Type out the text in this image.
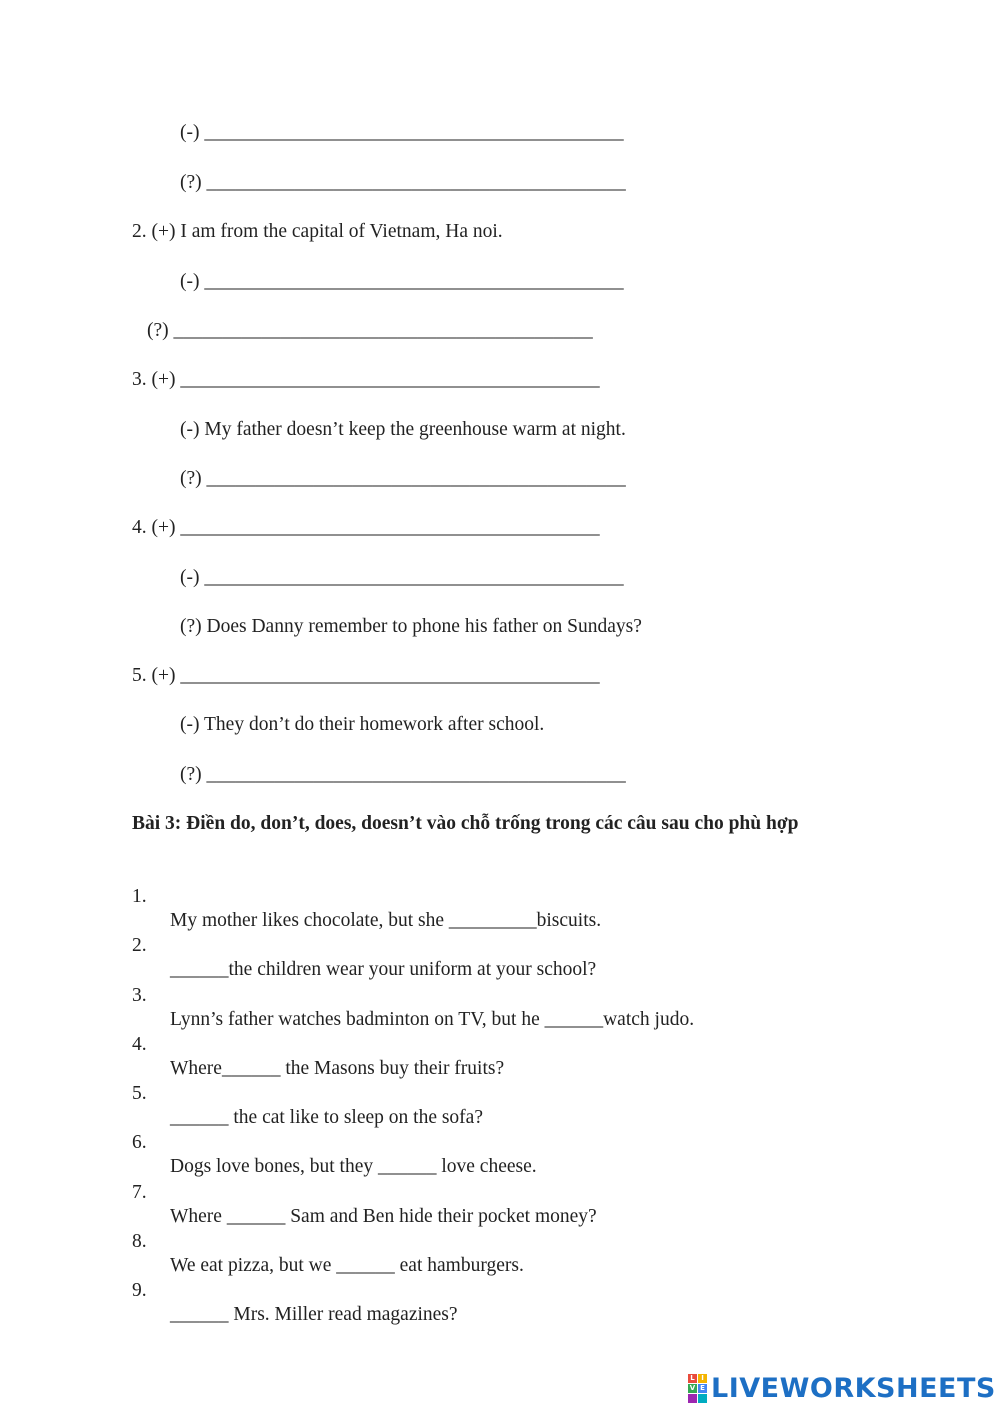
(-) ___________________________________________
(?) ___________________________________________
2. (+) I am from the capital of Vietnam, Ha noi.
(-) ___________________________________________
(?) ___________________________________________
3. (+) ___________________________________________
(-) My father doesn’t keep the greenhouse warm at night.
(?) ___________________________________________
4. (+) ___________________________________________
(-) ___________________________________________
(?) Does Danny remember to phone his father on Sundays?
5. (+) ___________________________________________
(-) They don’t do their homework after school.
(?) ___________________________________________
Bài 3: Điền do, don’t, does, doesn’t vào chỗ trống trong các câu sau cho phù hợp

1.

My mother likes chocolate, but she _________biscuits.

2.

______the children wear your uniform at your school?

3.

Lynn’s father watches badminton on TV, but he ______watch judo.

4.

Where______ the Masons buy their fruits?

5.

______ the cat like to sleep on the sofa?

6.

Dogs love bones, but they ______ love cheese.

7.

Where ______ Sam and Ben hide their pocket money?

8.

We eat pizza, but we ______ eat hamburgers.

9.

______ Mrs. Miller read magazines?

L I
V E LIVEWORKSHEETS
